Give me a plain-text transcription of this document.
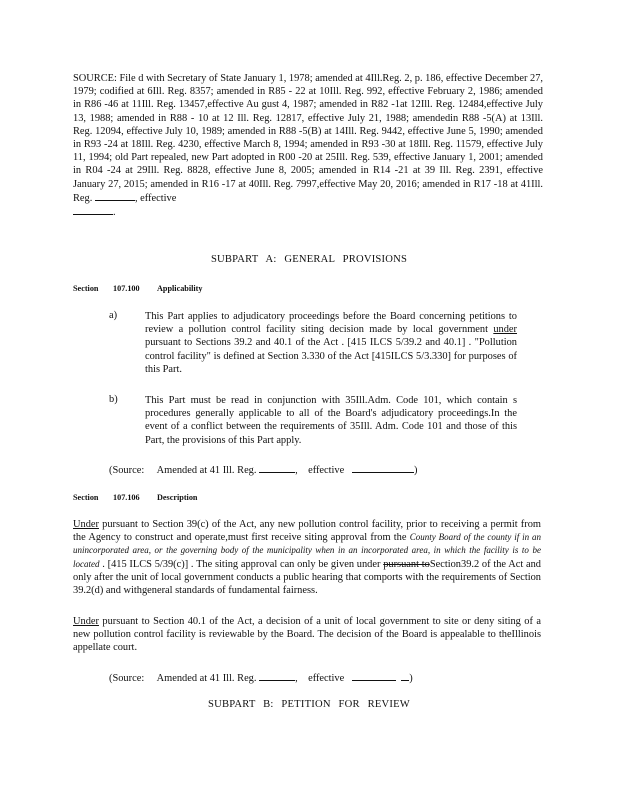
SOURCE: File d with Secretary of State January 1, 1978; amended at 4Ill.Reg. 2, p. 186, effective December 27, 1979; codified at 6Ill. Reg. 8357; amended in R85 - 22 at 10Ill. Reg. 992, effective February 2, 1986; amended in R86 -46 at 11Ill. Reg. 13457,effective Au gust 4, 1987; amended in R82 -1at 12Ill. Reg. 12484,effective July 13, 1988; amended in R88 - 10 at 12 Ill. Reg. 12817, effective July 21, 1988; amendedin R88 -5(A) at 13Ill. Reg. 12094, effective July 10, 1989; amended in R88 -5(B) at 14Ill. Reg. 9442, effective June 5, 1990; amended in R93 -24 at 18Ill. Reg. 4230, effective March 8, 1994; amended in R93 -30 at 18Ill. Reg. 11579, effective July 11, 1994; old Part repealed, new Part adopted in R00 -20 at 25Ill. Reg. 539, effective January 1, 2001; amended in R04 -24 at 29Ill. Reg. 8828, effective June 8, 2005; amended in R14 -21 at 39 Ill. Reg. 2391, effective January 27, 2015; amended in R16 -17 at 40Ill. Reg. 7997,effective May 20, 2016; amended in R17 -18 at 41Ill. Reg.	, effective
.
SUBPART A: GENERAL PROVISIONS
Section 107.100 Applicability
a)	This Part applies to adjudicatory proceedings before the Board concerning petitions to review a pollution control facility siting decision made by local government under pursuant to Sections 39.2 and 40.1 of the Act . [415 ILCS 5/39.2 and 40.1] . "Pollution control facility" is defined at Section 3.330 of the Act [415ILCS 5/3.330] for purposes of this Part.
b)	This Part must be read in conjunction with 35Ill.Adm. Code 101, which contain s procedures generally applicable to all of the Board's adjudicatory proceedings.In the event of a conflict between the requirements of 35Ill. Adm. Code 101 and those of this Part, the provisions of this Part apply.
(Source: Amended at 41 Ill. Reg.	,    effective	)
Section 107.106 Description
Under pursuant to Section 39(c) of the Act, any new pollution control facility, prior to receiving a permit from the Agency to construct and operate,must first receive siting approval from the County Board of the county if in an unincorporated area, or the governing body of the municipality when in an incorporated area, in which the facility is to be located . [415 ILCS 5/39(c)] . The siting approval can only be given under pursuant toSection39.2 of the Act and only after the unit of local government conducts a public hearing that comports with the requirements of Section 39.2(d) and withgeneral standards of fundamental fairness.
Under pursuant to Section 40.1 of the Act, a decision of a unit of local government to site or deny siting of a new pollution control facility is reviewable by the Board. The decision of the Board is appealable to theIllinois appellate court.
(Source: Amended at 41 Ill. Reg.	,    effective	)
SUBPART B: PETITION FOR REVIEW
